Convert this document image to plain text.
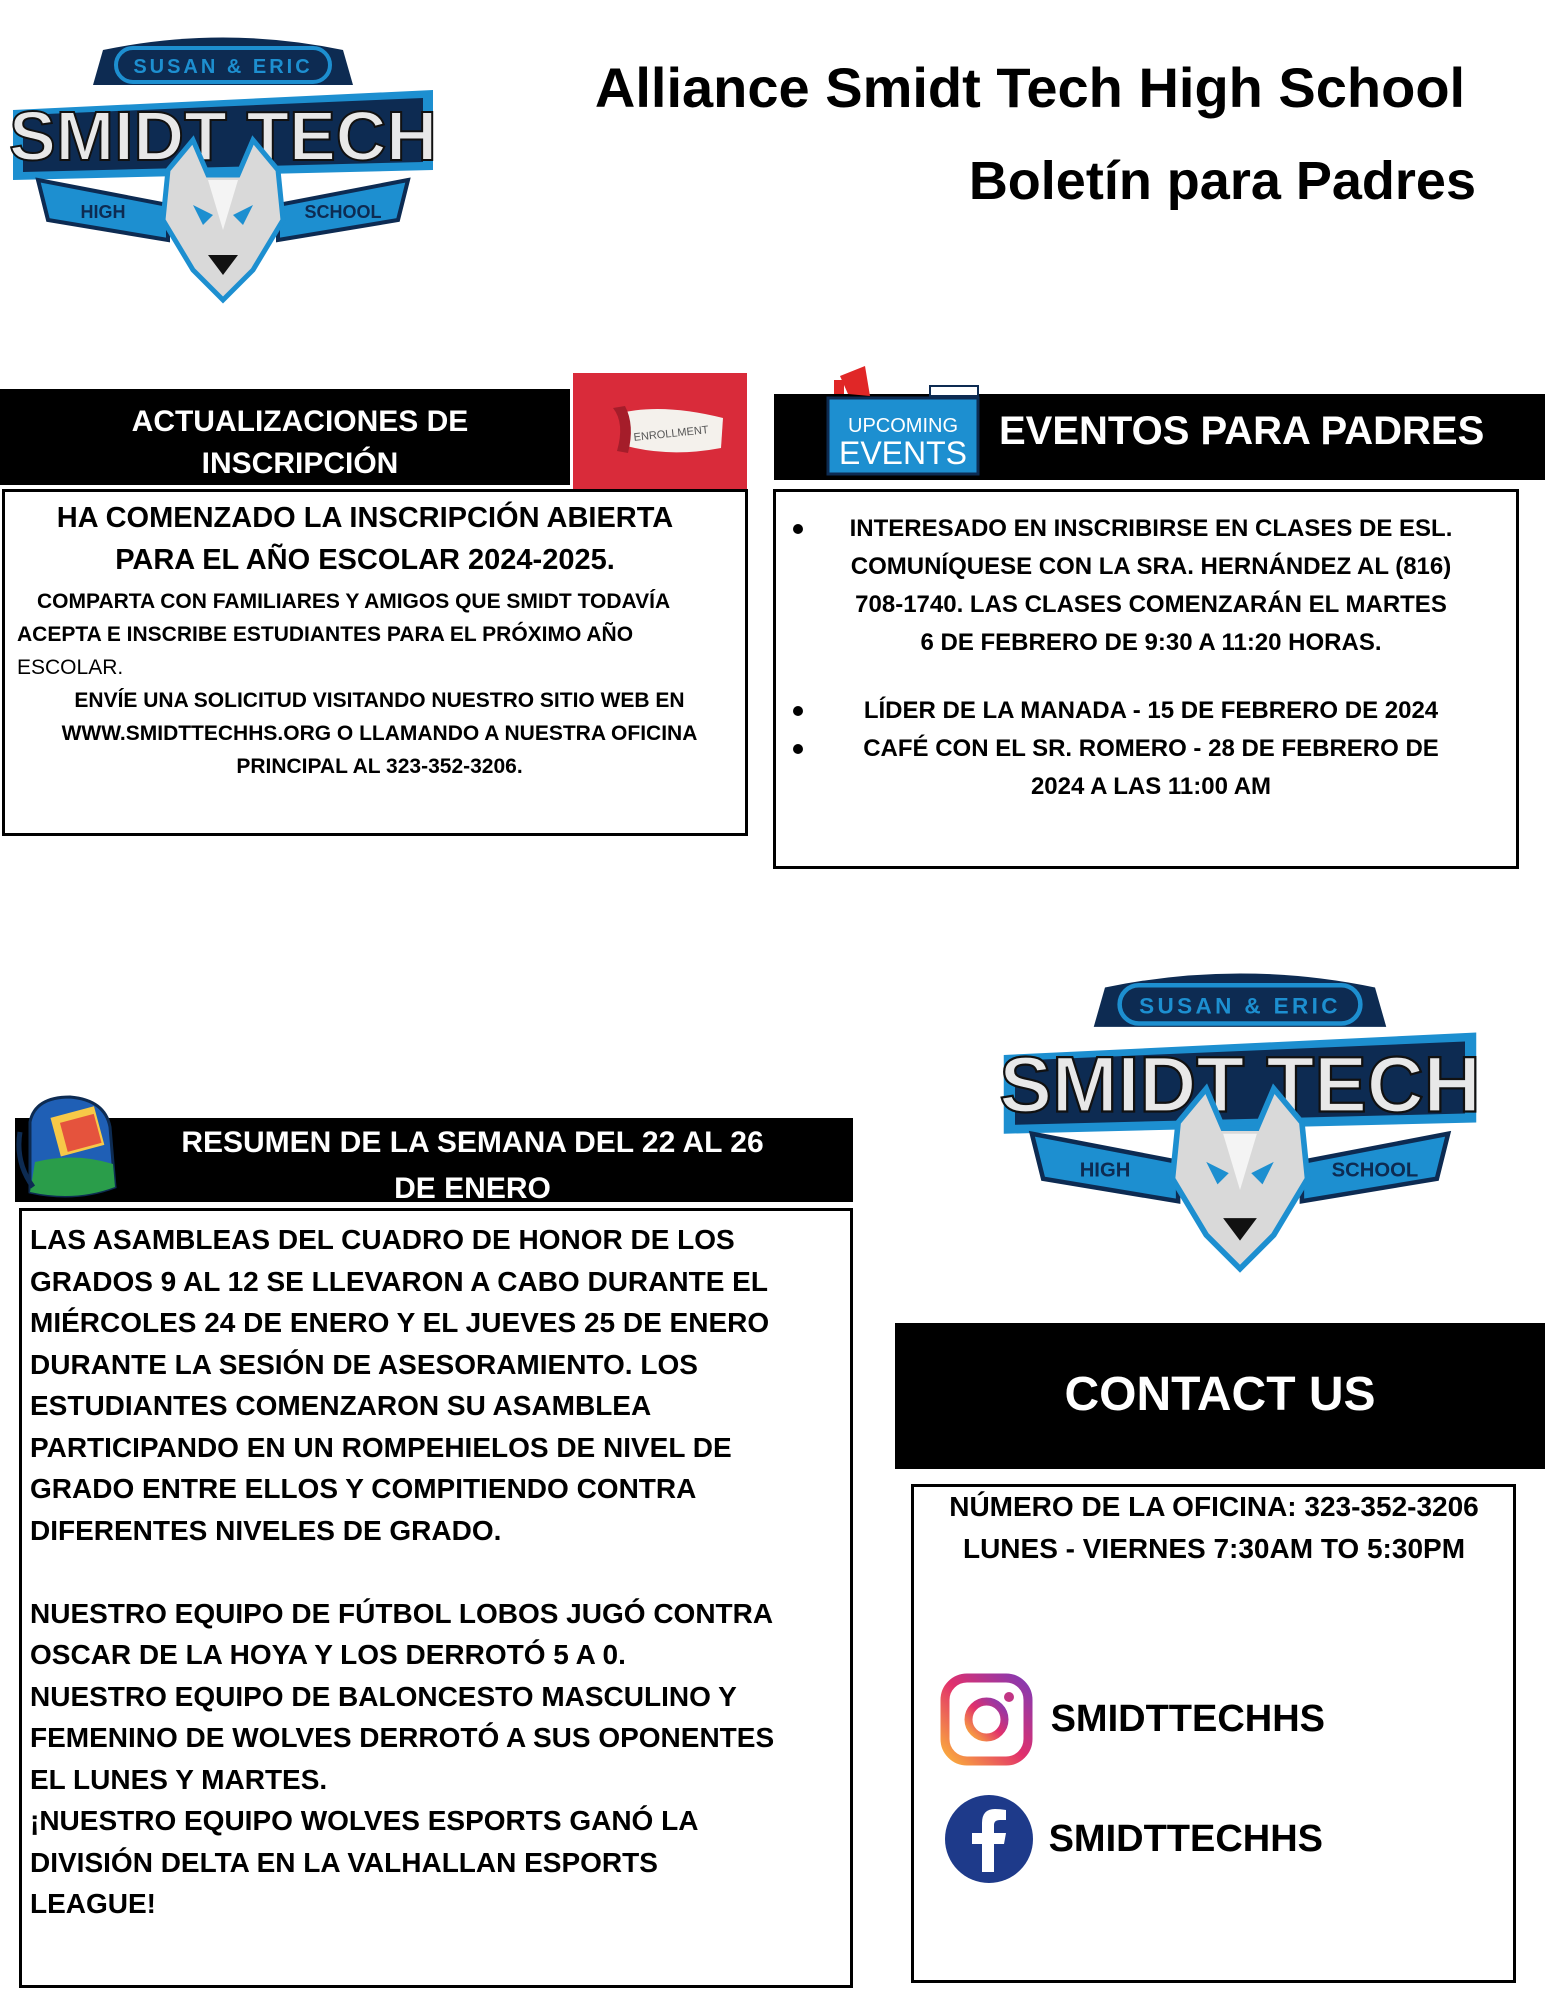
SUSAN & ERIC
SMIDT TECH
HIGH	SCHOOL
Alliance Smidt Tech High School
Boletín para Padres
ACTUALIZACIONES DE
INSCRIPCIÓN
ENROLLMENT
HA COMENZADO LA INSCRIPCIÓN ABIERTA
PARA EL AÑO ESCOLAR 2024-2025.
COMPARTA CON FAMILIARES Y AMIGOS QUE SMIDT TODAVÍA
ACEPTA E INSCRIBE ESTUDIANTES PARA EL PRÓXIMO AÑO
ESCOLAR.
ENVÍE UNA SOLICITUD VISITANDO NUESTRO SITIO WEB EN
WWW.SMIDTTECHHS.ORG O LLAMANDO A NUESTRA OFICINA
PRINCIPAL AL 323-352-3206.
EVENTOS PARA PADRES
UPCOMING
EVENTS
INTERESADO EN INSCRIBIRSE EN CLASES DE ESL.
COMUNÍQUESE CON LA SRA. HERNÁNDEZ AL (816)
708-1740. LAS CLASES COMENZARÁN EL MARTES
6 DE FEBRERO DE 9:30 A 11:20 HORAS.
LÍDER DE LA MANADA - 15 DE FEBRERO DE 2024
CAFÉ CON EL SR. ROMERO - 28 DE FEBRERO DE
2024 A LAS 11:00 AM
RESUMEN DE LA SEMANA DEL 22 AL 26
DE ENERO
LAS ASAMBLEAS DEL CUADRO DE HONOR DE LOS
GRADOS 9 AL 12 SE LLEVARON A CABO DURANTE EL
MIÉRCOLES 24 DE ENERO Y EL JUEVES 25 DE ENERO
DURANTE LA SESIÓN DE ASESORAMIENTO. LOS
ESTUDIANTES COMENZARON SU ASAMBLEA
PARTICIPANDO EN UN ROMPEHIELOS DE NIVEL DE
GRADO ENTRE ELLOS Y COMPITIENDO CONTRA
DIFERENTES NIVELES DE GRADO.
NUESTRO EQUIPO DE FÚTBOL LOBOS JUGÓ CONTRA
OSCAR DE LA HOYA Y LOS DERROTÓ 5 A 0.
NUESTRO EQUIPO DE BALONCESTO MASCULINO Y
FEMENINO DE WOLVES DERROTÓ A SUS OPONENTES
EL LUNES Y MARTES.
¡NUESTRO EQUIPO WOLVES ESPORTS GANÓ LA
DIVISIÓN DELTA EN LA VALHALLAN ESPORTS
LEAGUE!
SUSAN & ERIC
SMIDT TECH
HIGH	SCHOOL
CONTACT US
NÚMERO DE LA OFICINA: 323-352-3206
LUNES - VIERNES 7:30AM TO 5:30PM
SMIDTTECHHS
SMIDTTECHHS
